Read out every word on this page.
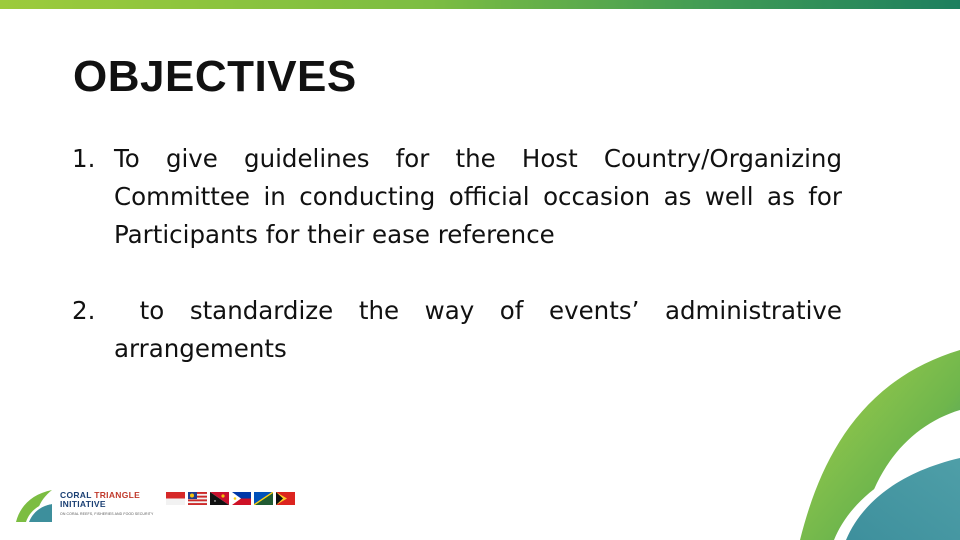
OBJECTIVES
1. To give guidelines for the Host Country/Organizing Committee in conducting official occasion as well as for Participants for their ease reference
2. to standardize the way of events’ administrative arrangements
CORAL TRIANGLE
INITIATIVE
ON CORAL REEFS, FISHERIES AND FOOD SECURITY
